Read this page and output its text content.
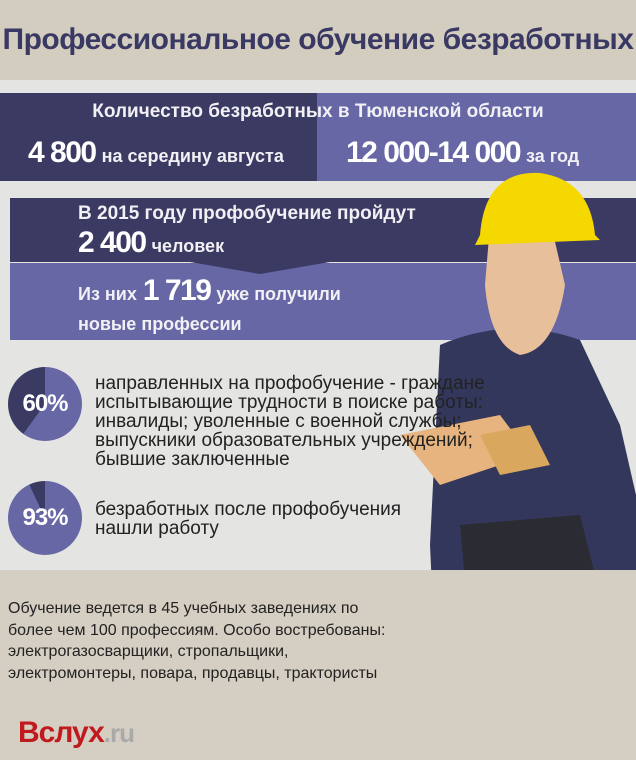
Профессиональное обучение безработных
Количество безработных в Тюменской области
4 800 на середину августа 12 000-14 000 за год
В 2015 году профобучение пройдут
2 400 человек
Из них 1 719 уже получили
новые профессии
60%
направленных на профобучение - граждане испытывающие трудности в поиске работы: инвалиды; уволенные с военной службы; выпускники образовательных учреждений; бывшие заключенные
93% безработных после профобучения нашли работу
Обучение ведется в 45 учебных заведениях по более чем 100 профессиям. Особо востребованы: электрогазосварщики, стропальщики, электромонтеры, повара, продавцы, трактористы
Вслух.ru
